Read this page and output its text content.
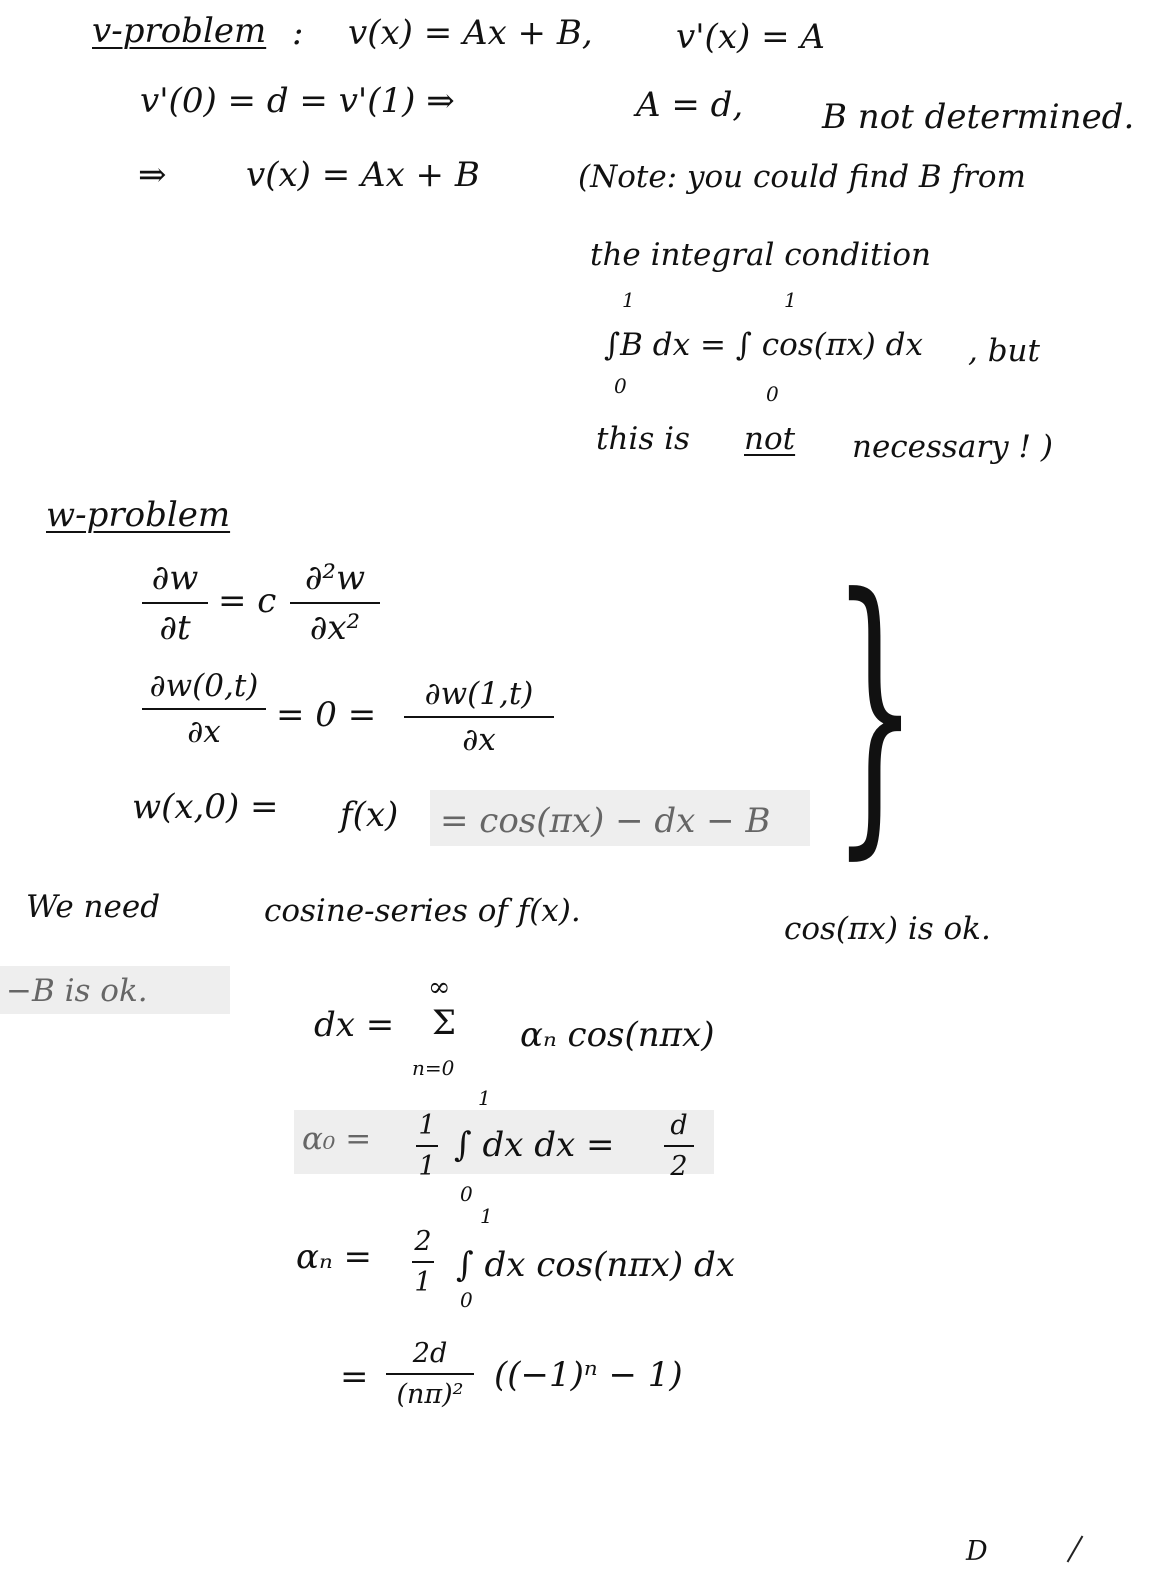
v-problem : v(x) = Ax + B, v'(x) = A
v'(0) = d = v'(1) ⇒	A = d, B not determined.
⇒ v(x) = Ax + B	(Note: you could find B from
the integral condition
1	1
∫B dx = ∫ cos(πx) dx , but
0	0
this is not necessary ! )
w-problem
∂w
∂t
= c
∂²w
∂x²
∂w(0,t)
∂x	= 0 =
∂w(1,t)
∂x
w(x,0) = f(x) = cos(πx) − dx − B }
We need	cosine-series of f(x).	cos(πx) is ok.
−B is ok.
dx =
∞
Σ
n=0
αₙ cos(nπx)
α₀ = 1
1
1
∫ dx dx =
0
d
2
αₙ = 2
1
1
∫ dx cos(nπx) dx
0
=
2d
(nπ)² ((−1)ⁿ − 1)
D
